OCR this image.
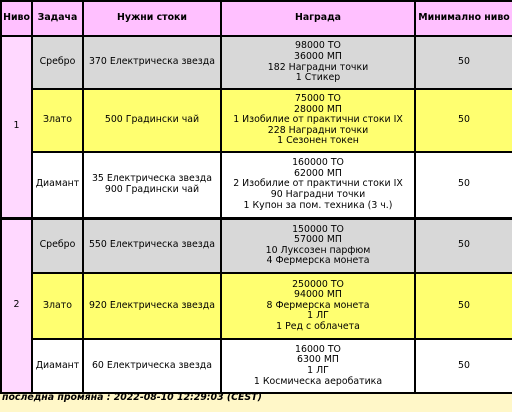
Ниво	Задача	Нужни стоки	Награда	Минимално ниво
1	Сребро	370 Електрическа звезда	98000 ТО
36000 МП
182 Наградни точки
1 Стикер	50
	Злато	500 Градински чай	75000 ТО
28000 МП
1 Изобилие от практични стоки IX
228 Наградни точки
1 Сезонен токен	50
	Диамант	35 Електрическа звезда
900 Градински чай	160000 ТО
62000 МП
2 Изобилие от практични стоки IX
90 Наградни точки
1 Купон за пом. техника (3 ч.)	50
2	Сребро	550 Електрическа звезда	150000 ТО
57000 МП
10 Луксозен парфюм
4 Фермерска монета	50
	Злато	920 Електрическа звезда	250000 ТО
94000 МП
8 Фермерска монета
1 ЛГ
1 Ред с облачета	50
	Диамант	60 Електрическа звезда	16000 ТО
6300 МП
1 ЛГ
1 Космическа аеробатика	50
последна промяна : 2022-08-10 12:29:03 (CEST)
